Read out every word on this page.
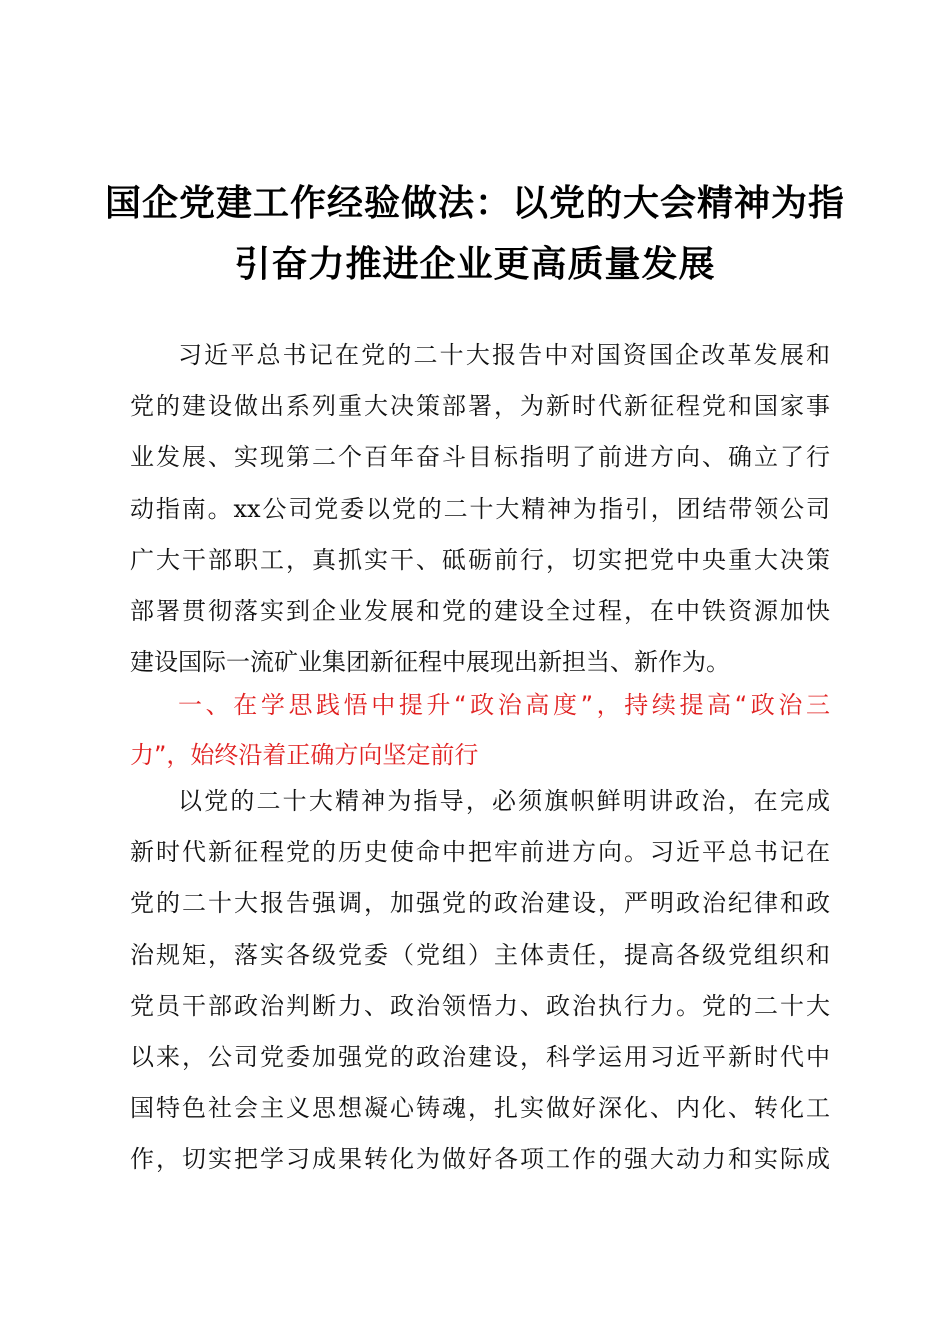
国企党建工作经验做法：以党的大会精神为指
引奋力推进企业更高质量发展
习近平总书记在党的二十大报告中对国资国企改革发展和
党的建设做出系列重大决策部署，为新时代新征程党和国家事
业发展、实现第二个百年奋斗目标指明了前进方向、确立了行
动指南。xx公司党委以党的二十大精神为指引，团结带领公司
广大干部职工，真抓实干、砥砺前行，切实把党中央重大决策
部署贯彻落实到企业发展和党的建设全过程，在中铁资源加快
建设国际一流矿业集团新征程中展现出新担当、新作为。
一、在学思践悟中提升“政治高度”，持续提高“政治三
力”，始终沿着正确方向坚定前行
以党的二十大精神为指导，必须旗帜鲜明讲政治，在完成
新时代新征程党的历史使命中把牢前进方向。习近平总书记在
党的二十大报告强调，加强党的政治建设，严明政治纪律和政
治规矩，落实各级党委（党组）主体责任，提高各级党组织和
党员干部政治判断力、政治领悟力、政治执行力。党的二十大
以来，公司党委加强党的政治建设，科学运用习近平新时代中
国特色社会主义思想凝心铸魂，扎实做好深化、内化、转化工
作，切实把学习成果转化为做好各项工作的强大动力和实际成
